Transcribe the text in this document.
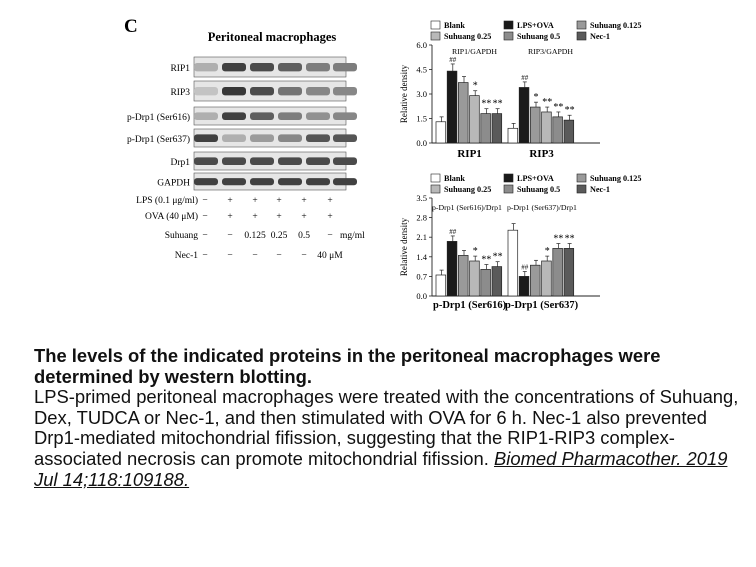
C	Peritoneal macrophages
RIP1
RIP3
p-Drp1 (Ser616)
p-Drp1 (Ser637)
Drp1
GAPDH
LPS (0.1 μg/ml) − + + + + +
OVA (40 μM) − + + + + +
Suhuang − − 0.125 0.25 0.5 − mg/ml
Nec-1 − − − − − 40 μM
Blank	LPS+OVA	Suhuang 0.125
Suhuang 0.25	Suhuang 0.5	Nec-1
0.0
1.5
3.0
4.5
6.0
Relative density
##
*
** **
RIP1/GAPDH
RIP1
##
* ** ** **
RIP3/GAPDH
RIP3
Blank	LPS+OVA	Suhuang 0.125
Suhuang 0.25	Suhuang 0.5	Nec-1
0.0
0.7
1.4
2.1
2.8
3.5
Relative density	##
*
** **
p-Drp1 (Ser616)/Drp1
p-Drp1 (Ser616)
##
*
** **
p-Drp1 (Ser637)/Drp1
p-Drp1 (Ser637)
The levels of the indicated proteins in the peritoneal macrophages were determined by western blotting.
LPS-primed peritoneal macrophages were treated with the concentrations of Suhuang, Dex, TUDCA or Nec-1, and then stimulated with OVA for 6 h. Nec-1 also prevented Drp1-mediated mitochondrial fifission, suggesting that the RIP1-RIP3 complex-associated necrosis can promote mitochondrial fifission. Biomed Pharmacother. 2019 Jul 14;118:109188.
